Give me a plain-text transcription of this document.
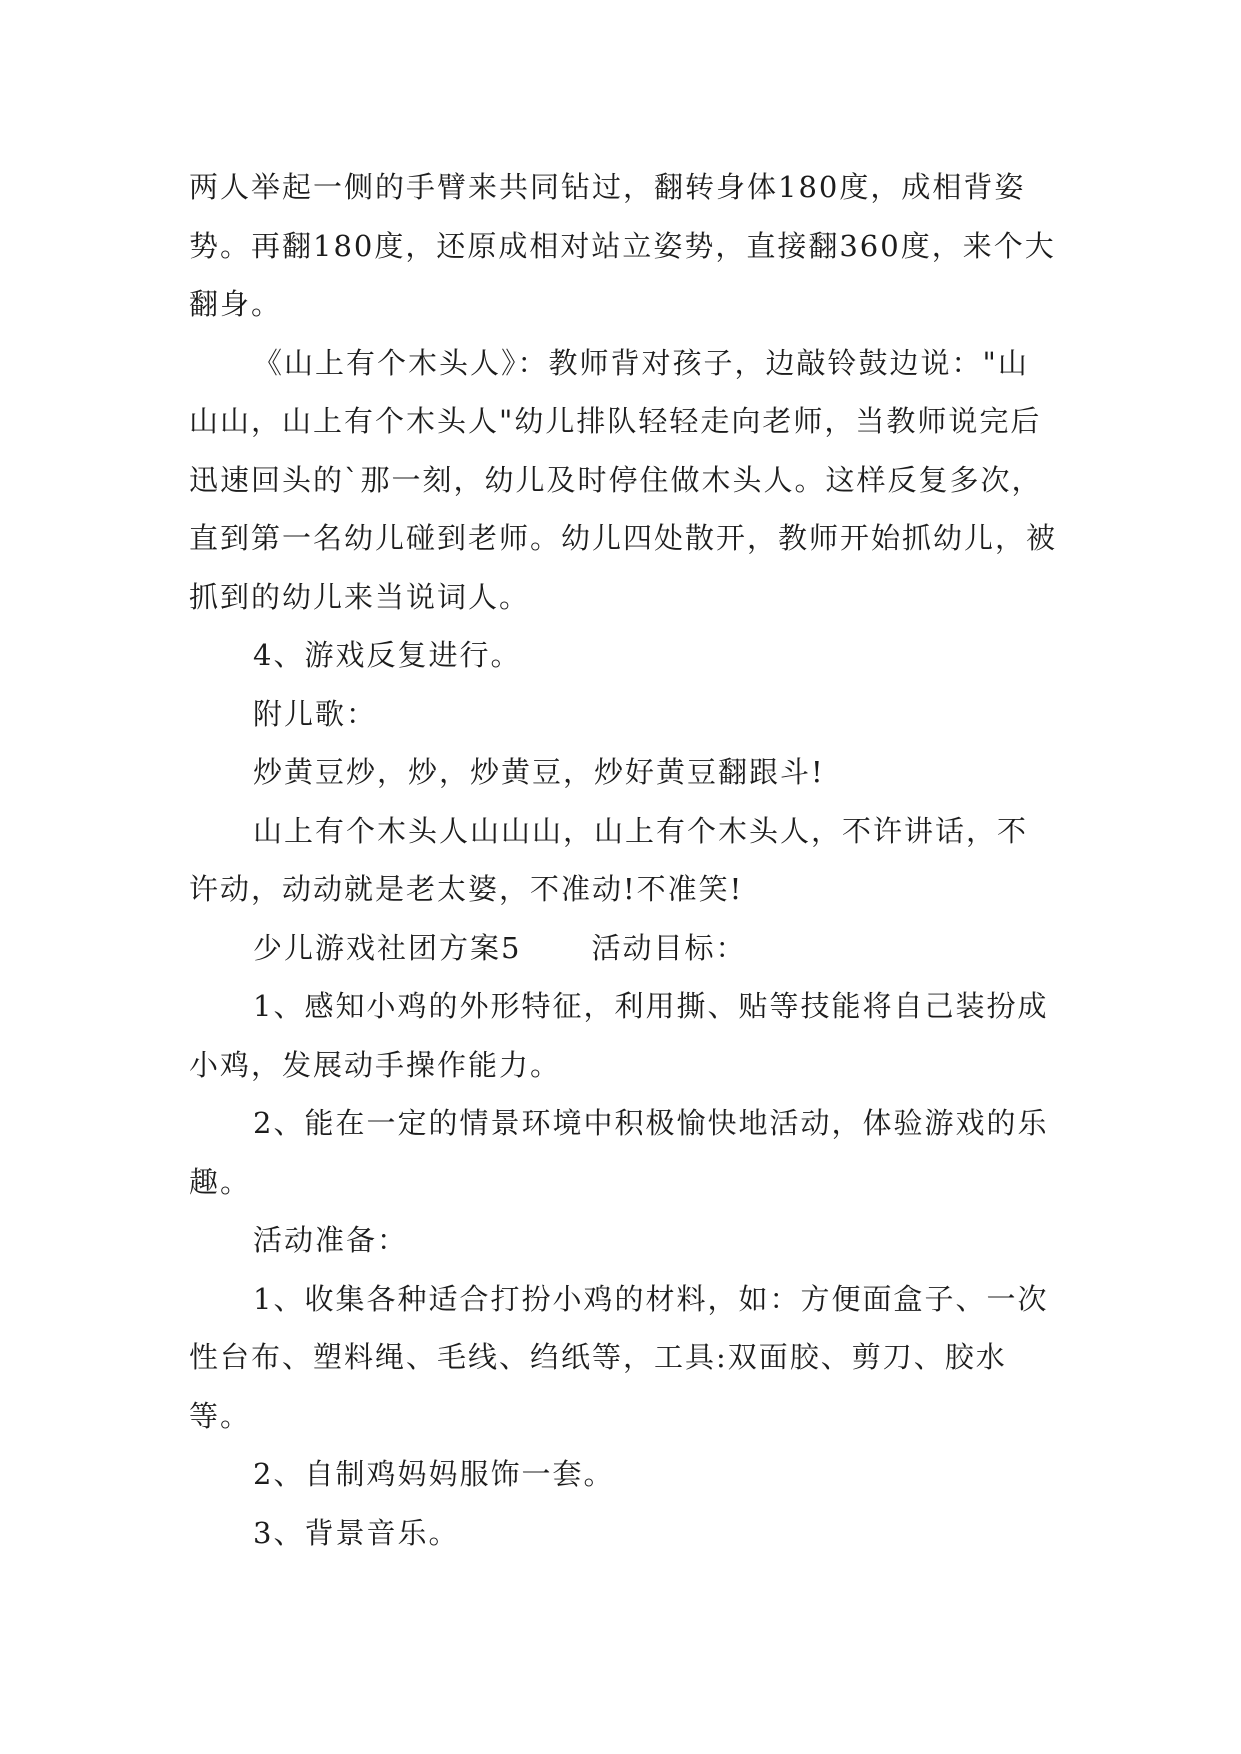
两人举起一侧的手臂来共同钻过，翻转身体180度，成相背姿势。再翻180度，还原成相对站立姿势，直接翻360度，来个大翻身。

《山上有个木头人》：教师背对孩子，边敲铃鼓边说："山山山，山上有个木头人"幼儿排队轻轻走向老师，当教师说完后迅速回头的`那一刻，幼儿及时停住做木头人。这样反复多次，直到第一名幼儿碰到老师。幼儿四处散开，教师开始抓幼儿，被抓到的幼儿来当说词人。

4、游戏反复进行。

附儿歌：

炒黄豆炒，炒，炒黄豆，炒好黄豆翻跟斗!

山上有个木头人山山山，山上有个木头人，不许讲话，不许动，动动就是老太婆，不准动!不准笑!

少儿游戏社团方案5 活动目标：

1、感知小鸡的外形特征，利用撕、贴等技能将自己装扮成小鸡，发展动手操作能力。

2、能在一定的情景环境中积极愉快地活动，体验游戏的乐趣。

活动准备：

1、收集各种适合打扮小鸡的材料，如：方便面盒子、一次性台布、塑料绳、毛线、绉纸等，工具:双面胶、剪刀、胶水等。

2、自制鸡妈妈服饰一套。

3、背景音乐。
